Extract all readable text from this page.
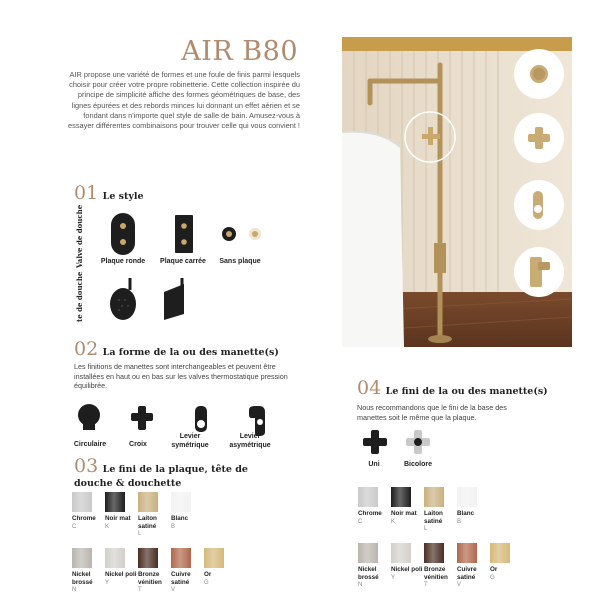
AIR B80
AIR propose une variété de formes et une foule de finis parmi lesquels choisir pour créer votre propre robinetterie. Cette collection inspirée du principe de simplicité affiche des formes géométriques de base, des lignes épurées et des rebords minces lui donnant un effet aérien et se fondant dans n'importe quel style de salle de bain. Amusez-vous à essayer différentes combinaisons pour trouver celle qui vous convient !
01 Le style
Valve de douche
te de douche
Plaque ronde	Plaque carrée	Sans plaque
02 La forme de la ou des manette(s)
Les finitions de manettes sont interchangeables et peuvent être installées en haut ou en bas sur les valves thermostatique pression équilibrée.
Circulaire	Croix
Levier symétrique
Levier asymétrique
03 Le fini de la plaque, tête de douche & douchette
Chrome
C
Noir mat
K
Laiton satiné
L
Blanc
B
Nickel brossé
N
Nickel poli
Y
Bronze vénitien
T
Cuivre satiné
V
Or
G
04 Le fini de la ou des manette(s)
Nous recommandons que le fini de la base des manettes soit le même que la plaque.
Uni	Bicolore
Chrome
C
Noir mat
K
Laiton satiné
L
Blanc
B
Nickel brossé
N
Nickel poli
Y
Bronze vénitien
T
Cuivre satiné
V
Or
G
